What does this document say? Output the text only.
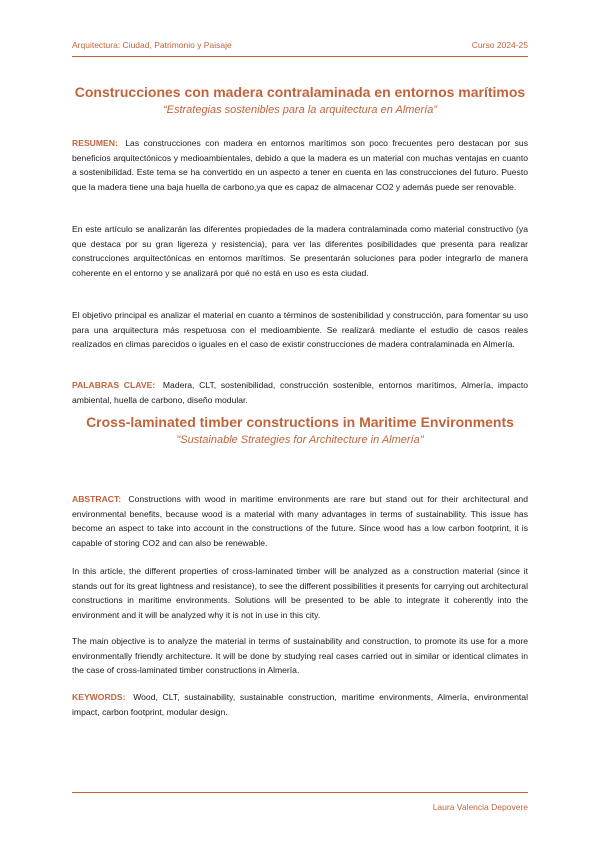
Arquitectura: Ciudad, Patrimonio y Paisaje	Curso 2024-25
Construcciones con madera contralaminada en entornos marítimos
“Estrategias sostenibles para la arquitectura en Almería”
RESUMEN: Las construcciones con madera en entornos marítimos son poco frecuentes pero destacan por sus beneficios arquitectónicos y medioambientales, debido a que la madera es un material con muchas ventajas en cuanto a sostenibilidad. Este tema se ha convertido en un aspecto a tener en cuenta en las construcciones del futuro. Puesto que la madera tiene una baja huella de carbono,ya que es capaz de almacenar CO2 y además puede ser renovable.
En este artículo se analizarán las diferentes propiedades de la madera contralaminada como material constructivo (ya que destaca por su gran ligereza y resistencia), para ver las diferentes posibilidades que presenta para realizar construcciones arquitectónicas en entornos marítimos. Se presentarán soluciones para poder integrarlo de manera coherente en el entorno y se analizará por qué no está en uso es esta ciudad.
El objetivo principal es analizar el material en cuanto a términos de sostenibilidad y construcción, para fomentar su uso para una arquitectura más respetuosa con el medioambiente. Se realizará mediante el estudio de casos reales realizados en climas parecidos o iguales en el caso de existir construcciones de madera contralaminada en Almería.
PALABRAS CLAVE: Madera, CLT, sostenibilidad, construcción sostenible, entornos marítimos, Almería, impacto ambiental, huella de carbono, diseño modular.
Cross-laminated timber constructions in Maritime Environments
"Sustainable Strategies for Architecture in Almería"
ABSTRACT: Constructions with wood in maritime environments are rare but stand out for their architectural and environmental benefits, because wood is a material with many advantages in terms of sustainability. This issue has become an aspect to take into account in the constructions of the future. Since wood has a low carbon footprint, it is capable of storing CO2 and can also be renewable.
In this article, the different properties of cross-laminated timber will be analyzed as a construction material (since it stands out for its great lightness and resistance), to see the different possibilities it presents for carrying out architectural constructions in maritime environments. Solutions will be presented to be able to integrate it coherently into the environment and it will be analyzed why it is not in use in this city.
The main objective is to analyze the material in terms of sustainability and construction, to promote its use for a more environmentally friendly architecture. It will be done by studying real cases carried out in similar or identical climates in the case of cross-laminated timber constructions in Almería.
KEYWORDS: Wood, CLT, sustainability, sustainable construction, maritime environments, Almería, environmental impact, carbon footprint, modular design.
Laura Valencia Depovere
